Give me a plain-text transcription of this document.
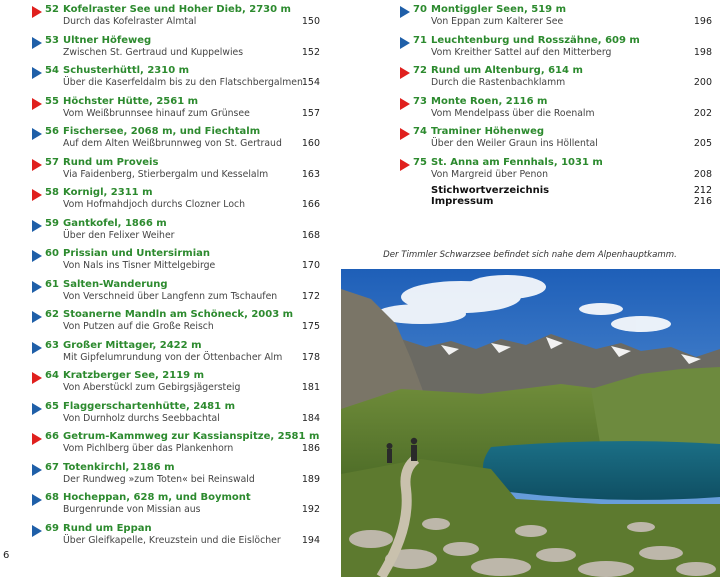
52 Kofelraster See und Hoher Dieb, 2730 m
Durch das Kofelraster Almtal	150
53 Ultner Höfeweg
Zwischen St. Gertraud und Kuppelwies	152
54 Schusterhüttl, 2310 m
Über die Kaserfeldalm bis zu den Flatschbergalmen
154
55 Höchster Hütte, 2561 m
Vom Weißbrunnsee hinauf zum Grünsee	157
56 Fischersee, 2068 m, und Fiechtalm
Auf dem Alten Weißbrunnweg von St. Gertraud 160
57 Rund um Proveis
Via Faidenberg, Stierbergalm und Kesselalm	163
58 Kornigl, 2311 m
Vom Hofmahdjoch durchs Clozner Loch	166
59 Gantkofel, 1866 m
Über den Felixer Weiher	168
60 Prissian und Untersirmian
Von Nals ins Tisner Mittelgebirge	170
61 Salten-Wanderung
Von Verschneid über Langfenn zum Tschaufen	172
62 Stoanerne Mandln am Schöneck, 2003 m
Von Putzen auf die Große Reisch	175
63 Großer Mittager, 2422 m
Mit Gipfelumrundung von der Öttenbacher Alm 178
64 Kratzberger See, 2119 m
Von Aberstückl zum Gebirgsjägersteig	181
65 Flaggerschartenhütte, 2481 m
Von Durnholz durchs Seebbachtal	184
66 Getrum-Kammweg zur Kassianspitze, 2581 m
Vom Pichlberg über das Plankenhorn	186
67 Totenkirchl, 2186 m
Der Rundweg »zum Toten« bei Reinswald	189
68 Hocheppan, 628 m, und Boymont
Burgenrunde von Missian aus	192
69 Rund um Eppan
Über Gleifkapelle, Kreuzstein und die Eislöcher 194
70 Montiggler Seen, 519 m
Von Eppan zum Kalterer See	196
71 Leuchtenburg und Rosszähne, 609 m
Vom Kreither Sattel auf den Mitterberg	198
72 Rund um Altenburg, 614 m
Durch die Rastenbachklamm	200
73 Monte Roen, 2116 m
Vom Mendelpass über die Roenalm	202
74 Traminer Höhenweg
Über den Weiler Graun ins Höllental	205
75 St. Anna am Fennhals, 1031 m
Von Margreid über Penon	208
Stichwortverzeichnis	212
Impressum	216
Der Timmler Schwarzsee befindet sich nahe dem Alpenhauptkamm.
6
